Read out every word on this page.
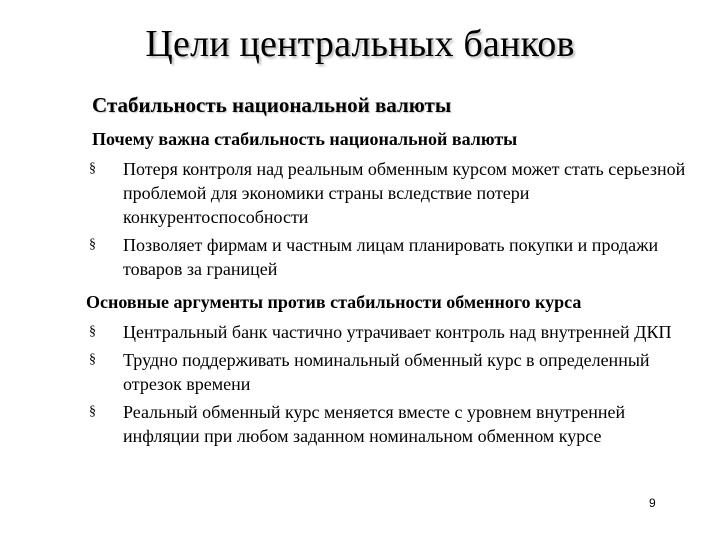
Цели центральных банков
Стабильность национальной валюты
Почему важна стабильность национальной валюты
§ Потеря контроля над реальным обменным курсом может стать серьезной проблемой для экономики страны вследствие потери конкурентоспособности
§ Позволяет фирмам и частным лицам планировать покупки и продажи товаров за границей
Основные аргументы против стабильности обменного курса
§ Центральный банк частично утрачивает контроль над внутренней ДКП
§ Трудно поддерживать номинальный обменный курс в определенный отрезок времени
§ Реальный обменный курс меняется вместе с уровнем внутренней инфляции при любом заданном номинальном обменном курсе
9
